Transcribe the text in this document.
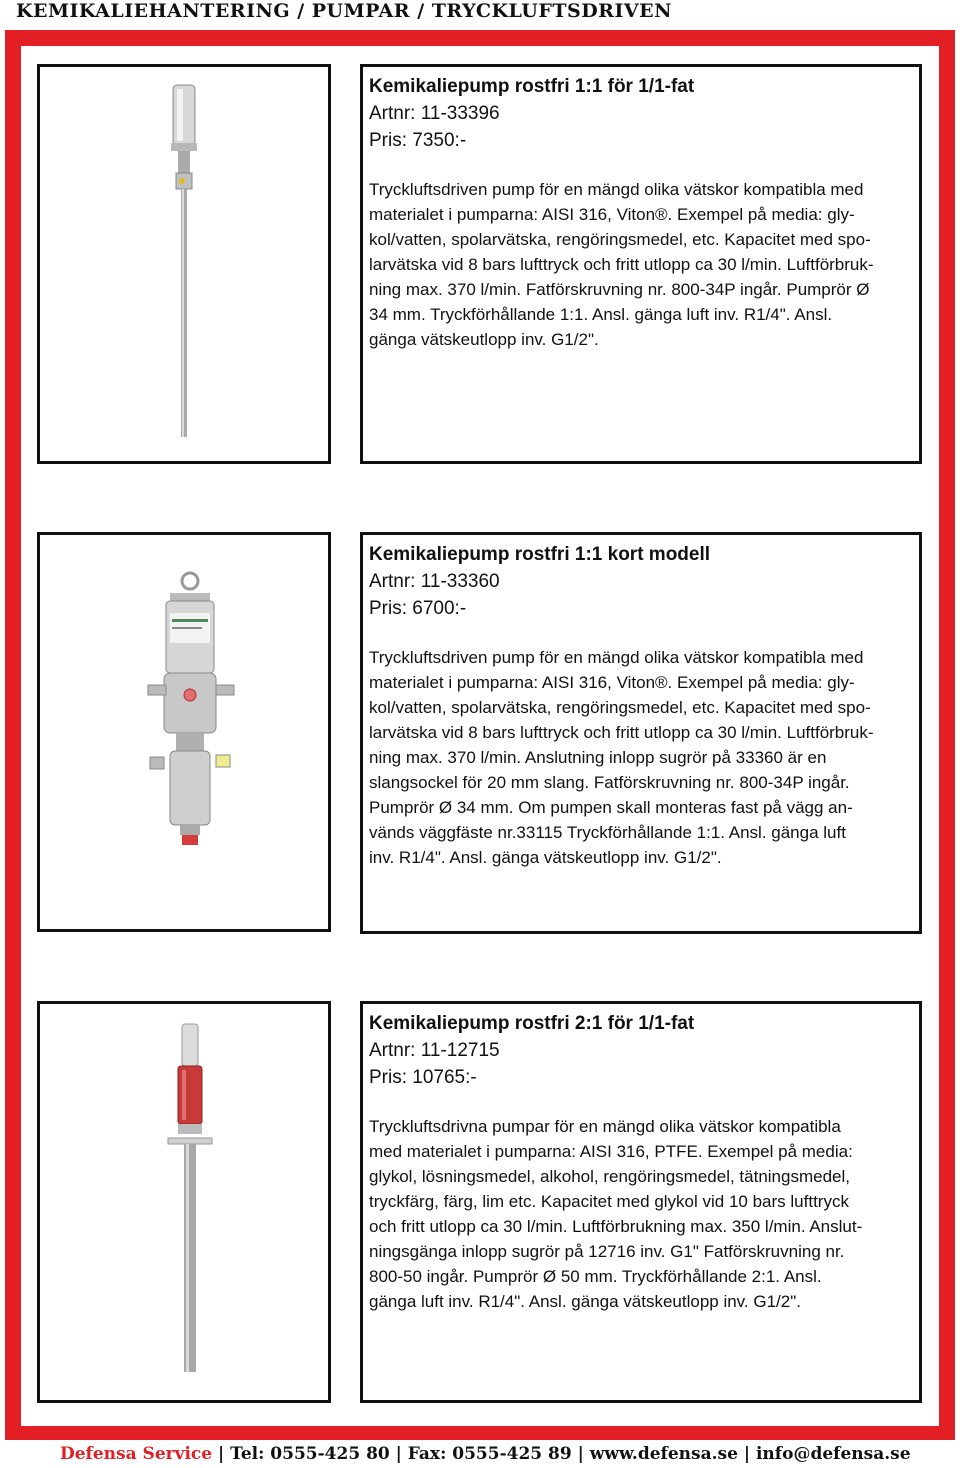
KEMIKALIEHANTERING / PUMPAR / TRYCKLUFTSDRIVEN
Kemikaliepump rostfri 1:1 för 1/1-fat
Artnr: 11-33396
Pris: 7350:-
Tryckluftsdriven pump för en mängd olika vätskor kompatibla med
materialet i pumparna: AISI 316, Viton®. Exempel på media: gly-
kol/vatten, spolarvätska, rengöringsmedel, etc. Kapacitet med spo-
larvätska vid 8 bars lufttryck och fritt utlopp ca 30 l/min. Luftförbruk-
ning max. 370 l/min. Fatförskruvning nr. 800-34P ingår. Pumprör Ø
34 mm. Tryckförhållande 1:1. Ansl. gänga luft inv. R1/4". Ansl.
gänga vätskeutlopp inv. G1/2".
Kemikaliepump rostfri 1:1 kort modell
Artnr: 11-33360
Pris: 6700:-
Tryckluftsdriven pump för en mängd olika vätskor kompatibla med
materialet i pumparna: AISI 316, Viton®. Exempel på media: gly-
kol/vatten, spolarvätska, rengöringsmedel, etc. Kapacitet med spo-
larvätska vid 8 bars lufttryck och fritt utlopp ca 30 l/min. Luftförbruk-
ning max. 370 l/min. Anslutning inlopp sugrör på 33360 är en
slangsockel för 20 mm slang. Fatförskruvning nr. 800-34P ingår.
Pumprör Ø 34 mm. Om pumpen skall monteras fast på vägg an-
vänds väggfäste nr.33115 Tryckförhållande 1:1. Ansl. gänga luft
inv. R1/4". Ansl. gänga vätskeutlopp inv. G1/2".
Kemikaliepump rostfri 2:1 för 1/1-fat
Artnr: 11-12715
Pris: 10765:-
Tryckluftsdrivna pumpar för en mängd olika vätskor kompatibla
med materialet i pumparna: AISI 316, PTFE. Exempel på media:
glykol, lösningsmedel, alkohol, rengöringsmedel, tätningsmedel,
tryckfärg, färg, lim etc. Kapacitet med glykol vid 10 bars lufttryck
och fritt utlopp ca 30 l/min. Luftförbrukning max. 350 l/min. Anslut-
ningsgänga inlopp sugrör på 12716 inv. G1" Fatförskruvning nr.
800-50 ingår. Pumprör Ø 50 mm. Tryckförhållande 2:1. Ansl.
gänga luft inv. R1/4". Ansl. gänga vätskeutlopp inv. G1/2".
Defensa Service | Tel: 0555-425 80 | Fax: 0555-425 89 | www.defensa.se | info@defensa.se
